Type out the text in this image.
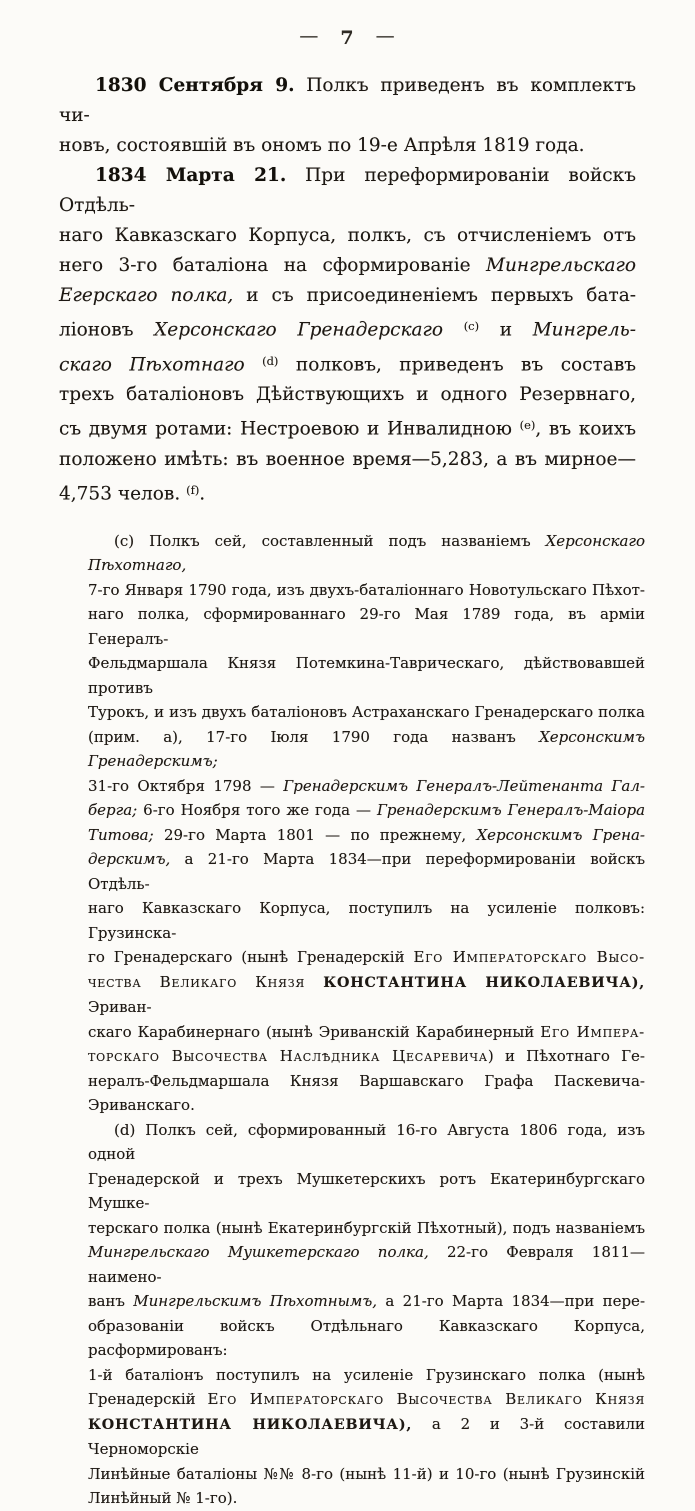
— 7 —
1830 Сентября 9. Полкъ приведенъ въ комплектъ чи-
новъ, состоявшій въ ономъ по 19-е Апрѣля 1819 года.
1834 Марта 21. При переформированіи войскъ Отдѣль-
наго Кавказскаго Корпуса, полкъ, съ отчисленіемъ отъ
него 3-го баталіона на сформированіе Мингрельскаго
Егерскаго полка, и съ присоединеніемъ первыхъ бата-
ліоновъ Херсонскаго Гренадерскаго $^{(c)}$ и Мингрель-
скаго Пѣхотнаго $^{(d)}$ полковъ, приведенъ въ составъ
трехъ баталіоновъ Дѣйствующихъ и одного Резервнаго,
съ двумя ротами: Нестроевою и Инвалидною $^{(e)}$, въ коихъ
положено имѣть: въ военное время—5,283, а въ мирное—
4,753 челов. $^{(f)}$.
(c) Полкъ сей, составленный подъ названіемъ Херсонскаго Пѣхотнаго,
7-го Января 1790 года, изъ двухъ-баталіоннаго Новотульскаго Пѣхот-
наго полка, сформированнаго 29-го Мая 1789 года, въ арміи Генералъ-
Фельдмаршала Князя Потемкина-Таврическаго, дѣйствовавшей противъ
Турокъ, и изъ двухъ баталіоновъ Астраханскаго Гренадерскаго полка
(прим. а), 17-го Іюля 1790 года названъ Херсонскимъ Гренадерскимъ;
31-го Октября 1798 — Гренадерскимъ Генералъ-Лейтенанта Гал-
берга; 6-го Ноября того же года — Гренадерскимъ Генералъ-Маіора
Титова; 29-го Марта 1801 — по прежнему, Херсонскимъ Грена-
дерскимъ, а 21-го Марта 1834—при переформированіи войскъ Отдѣль-
наго Кавказскаго Корпуса, поступилъ на усиленіе полковъ: Грузинска-
го Гренадерскаго (нынѣ Гренадерскій Его Императорскаго Высо-
чества Великаго Князя КОНСТАНТИНА НИКОЛАЕВИЧА), Эриван-
скаго Карабинернаго (нынѣ Эриванскій Карабинерный Его Импера-
торскаго Высочества Наслѣдника Цесаревича) и Пѣхотнаго Ге-
нералъ-Фельдмаршала Князя Варшавскаго Графа Паскевича-Эриванскаго.
(d) Полкъ сей, сформированный 16-го Августа 1806 года, изъ одной
Гренадерской и трехъ Мушкетерскихъ ротъ Екатеринбургскаго Мушке-
терскаго полка (нынѣ Екатеринбургскій Пѣхотный), подъ названіемъ
Мингрельскаго Мушкетерскаго полка, 22-го Февраля 1811—наимено-
ванъ Мингрельскимъ Пѣхотнымъ, а 21-го Марта 1834—при пере-
образованіи войскъ Отдѣльнаго Кавказскаго Корпуса, расформированъ:
1-й баталіонъ поступилъ на усиленіе Грузинскаго полка (нынѣ
Гренадерскій Его Императорскаго Высочества Великаго Князя
КОНСТАНТИНА НИКОЛАЕВИЧА), а 2 и 3-й составили Черноморскіе
Линѣйные баталіоны №№ 8-го (нынѣ 11-й) и 10-го (нынѣ Грузинскій
Линѣйный № 1-го).
